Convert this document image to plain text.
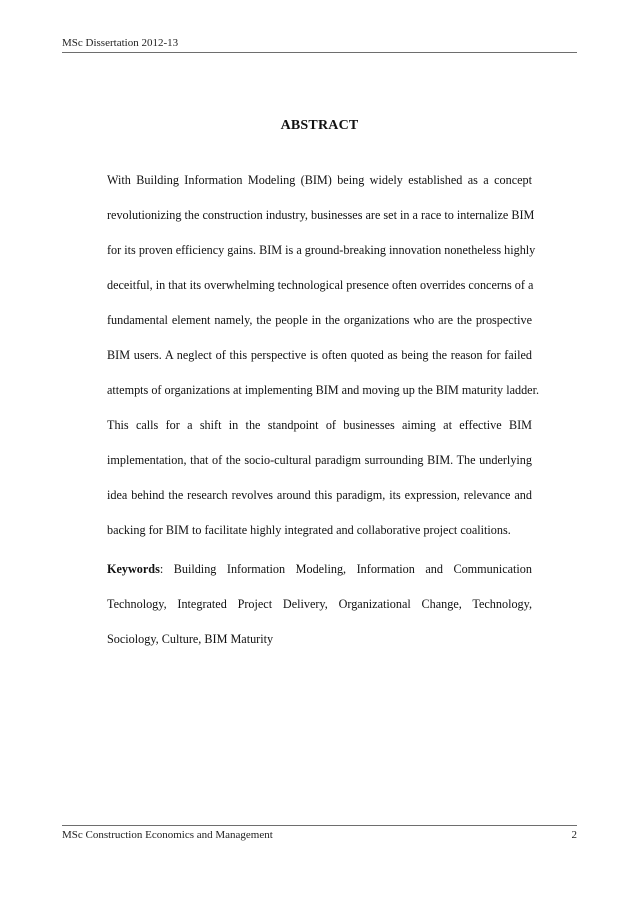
MSc Dissertation 2012-13
ABSTRACT
With Building Information Modeling (BIM) being widely established as a concept
revolutionizing the construction industry, businesses are set in a race to internalize BIM
for its proven efficiency gains. BIM is a ground-breaking innovation nonetheless highly
deceitful, in that its overwhelming technological presence often overrides concerns of a
fundamental element namely, the people in the organizations who are the prospective
BIM users. A neglect of this perspective is often quoted as being the reason for failed
attempts of organizations at implementing BIM and moving up the BIM maturity ladder.
This calls for a shift in the standpoint of businesses aiming at effective BIM
implementation, that of the socio-cultural paradigm surrounding BIM. The underlying
idea behind the research revolves around this paradigm, its expression, relevance and
backing for BIM to facilitate highly integrated and collaborative project coalitions.
Keywords: Building Information Modeling, Information and Communication
Technology, Integrated Project Delivery, Organizational Change, Technology,
Sociology, Culture, BIM Maturity
MSc Construction Economics and Management	2
